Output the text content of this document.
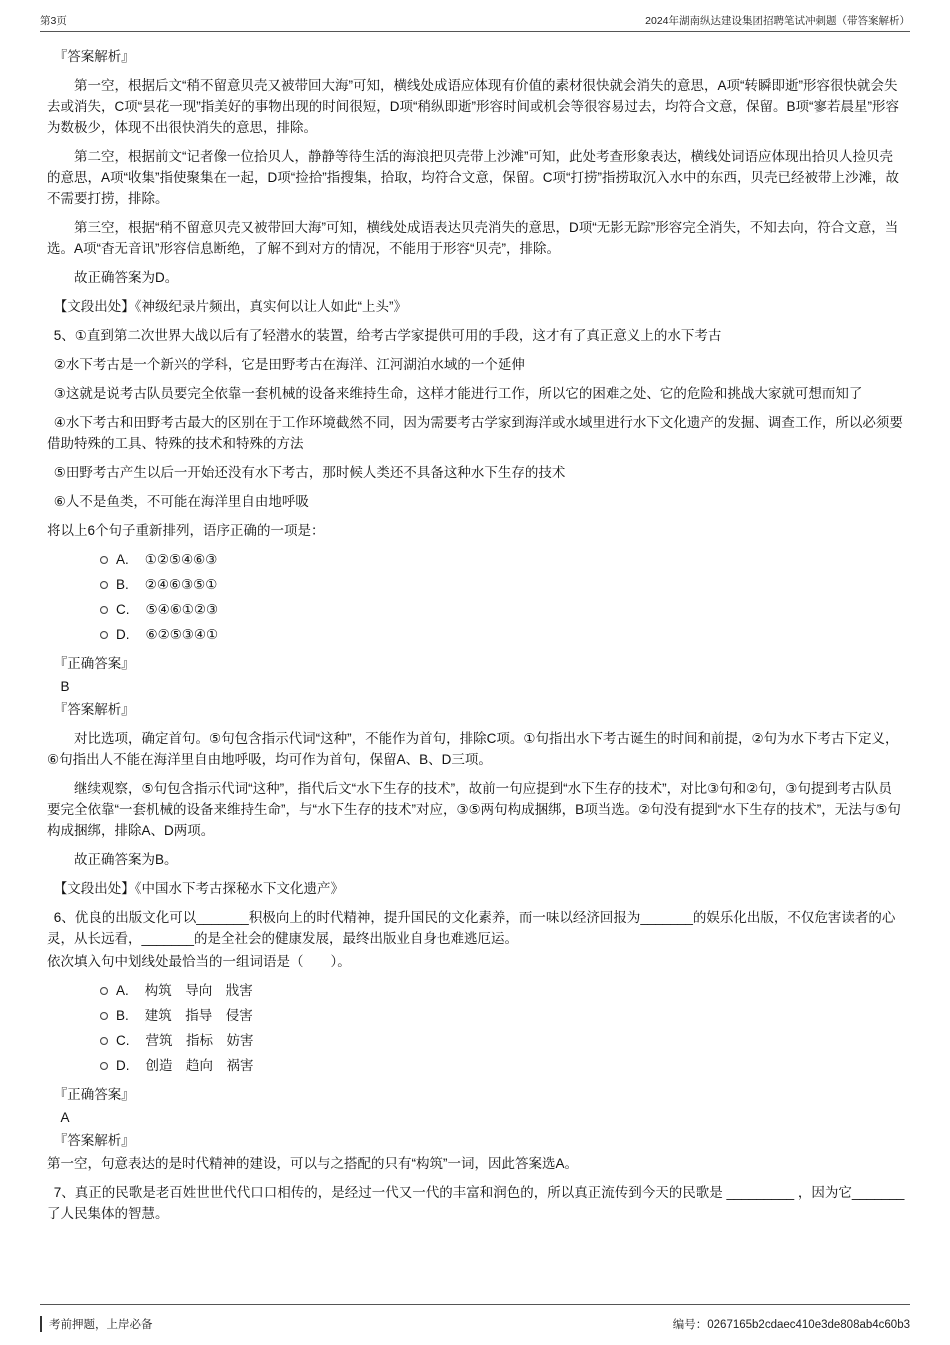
第3页	2024年湖南纵达建设集团招聘笔试冲刺题（带答案解析）

『答案解析』

第一空，根据后文“稍不留意贝壳又被带回大海”可知，横线处成语应体现有价值的素材很快就会消失的意思，A项“转瞬即逝”形容很快就会失去或消失，C项“昙花一现”指美好的事物出现的时间很短，D项“稍纵即逝”形容时间或机会等很容易过去，均符合文意，保留。B项“寥若晨星”形容为数极少，体现不出很快消失的意思，排除。

第二空，根据前文“记者像一位拾贝人，静静等待生活的海浪把贝壳带上沙滩”可知，此处考查形象表达，横线处词语应体现出拾贝人捡贝壳的意思，A项“收集”指使聚集在一起，D项“捡拾”指搜集，拾取，均符合文意，保留。C项“打捞”指捞取沉入水中的东西，贝壳已经被带上沙滩，故不需要打捞，排除。

第三空，根据“稍不留意贝壳又被带回大海”可知，横线处成语表达贝壳消失的意思，D项“无影无踪”形容完全消失，不知去向，符合文意，当选。A项“杳无音讯”形容信息断绝，了解不到对方的情况，不能用于形容“贝壳”，排除。

故正确答案为D。

【文段出处】《神级纪录片频出，真实何以让人如此“上头”》

5、①直到第二次世界大战以后有了轻潜水的装置，给考古学家提供可用的手段，这才有了真正意义上的水下考古

②水下考古是一个新兴的学科，它是田野考古在海洋、江河湖泊水域的一个延伸

③这就是说考古队员要完全依靠一套机械的设备来维持生命，这样才能进行工作，所以它的困难之处、它的危险和挑战大家就可想而知了

④水下考古和田野考古最大的区别在于工作环境截然不同，因为需要考古学家到海洋或水域里进行水下文化遗产的发掘、调查工作，所以必须要借助特殊的工具、特殊的技术和特殊的方法

⑤田野考古产生以后一开始还没有水下考古，那时候人类还不具备这种水下生存的技术

⑥人不是鱼类，不可能在海洋里自由地呼吸

将以上6个句子重新排列，语序正确的一项是：

A. ①②⑤④⑥③
B. ②④⑥③⑤①
C. ⑤④⑥①②③
D. ⑥②⑤③④①

『正确答案』

B

『答案解析』

对比选项，确定首句。⑤句包含指示代词“这种”，不能作为首句，排除C项。①句指出水下考古诞生的时间和前提，②句为水下考古下定义，⑥句指出人不能在海洋里自由地呼吸，均可作为首句，保留A、B、D三项。

继续观察，⑤句包含指示代词“这种”，指代后文“水下生存的技术”，故前一句应提到“水下生存的技术”，对比③句和②句，③句提到考古队员要完全依靠“一套机械的设备来维持生命”，与“水下生存的技术”对应，③⑤两句构成捆绑，B项当选。②句没有提到“水下生存的技术”，无法与⑤句构成捆绑，排除A、D两项。

故正确答案为B。

【文段出处】《中国水下考古探秘水下文化遗产》

6、优良的出版文化可以_______积极向上的时代精神，提升国民的文化素养，而一味以经济回报为_______的娱乐化出版，不仅危害读者的心灵，从长远看，_______的是全社会的健康发展，最终出版业自身也难逃厄运。

依次填入句中划线处最恰当的一组词语是（　　）。

A. 构筑　导向　戕害
B. 建筑　指导　侵害
C. 营筑　指标　妨害
D. 创造　趋向　祸害

『正确答案』

A

『答案解析』

第一空，句意表达的是时代精神的建设，可以与之搭配的只有“构筑”一词，因此答案选A。

7、真正的民歌是老百姓世世代代口口相传的，是经过一代又一代的丰富和润色的，所以真正流传到今天的民歌是 _________ ，因为它_______了人民集体的智慧。

考前押题，上岸必备	编号：0267165b2cdaec410e3de808ab4c60b3
